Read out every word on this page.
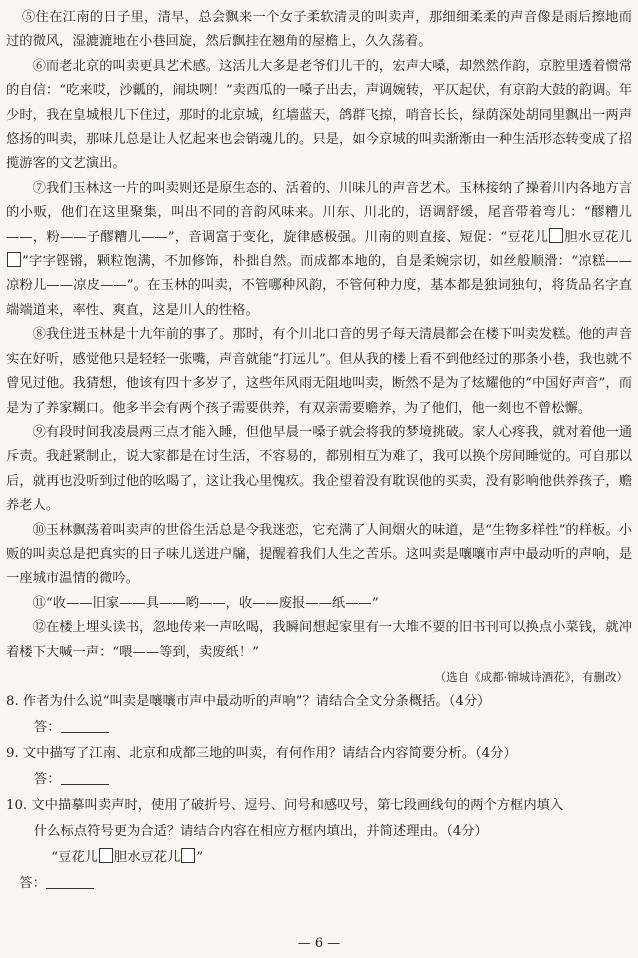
⑤住在江南的日子里，清早，总会飘来一个女子柔软清灵的叫卖声，那细细柔柔的声音像是雨后擦地而过的微风，湿漉漉地在小巷回旋，然后飘挂在翘角的屋檐上，久久荡着。

⑥而老北京的叫卖更具艺术感。这活儿大多是老爷们儿干的，宏声大嗓，却然然作韵，京腔里透着惯常的自信：“吃来哎，沙瓤的，闹块咧！”卖西瓜的一嗓子出去，声调婉转，平仄起伏，有京韵大鼓的韵调。年少时，我在皇城根儿下住过，那时的北京城，红墙蓝天，鸽群飞掠，哨音长长，绿荫深处胡同里飘出一两声悠扬的叫卖，那味儿总是让人忆起来也会销魂儿的。只是，如今京城的叫卖渐渐由一种生活形态转变成了招揽游客的文艺演出。

⑦我们玉林这一片的叫卖则还是原生态的、活着的、川味儿的声音艺术。玉林接纳了操着川内各地方言的小贩，他们在这里聚集，叫出不同的音韵风味来。川东、川北的，语调舒缓，尾音带着弯儿：“醪糟儿——，粉——子醪糟儿——”，音调富于变化，旋律感极强。川南的则直接、短促：“豆花儿 胆水豆花儿”字字铿锵，颗粒饱满，不加修饰，朴拙自然。而成都本地的，自是柔婉宗切，如丝般顺滑：“凉糕——凉粉儿——凉皮——”。在玉林的叫卖，不管哪种风韵，不管何种力度，基本都是独词独句，将货品名字直端端道来，率性、爽直，这是川人的性格。

⑧我住进玉林是十九年前的事了。那时，有个川北口音的男子每天清晨都会在楼下叫卖发糕。他的声音实在好听，感觉他只是轻轻一张嘴，声音就能“打远儿”。但从我的楼上看不到他经过的那条小巷，我也就不曾见过他。我猜想，他该有四十多岁了，这些年风雨无阻地叫卖，断然不是为了炫耀他的“中国好声音”，而是为了养家糊口。他多半会有两个孩子需要供养，有双亲需要赡养，为了他们，他一刻也不曾松懈。

⑨有段时间我凌晨两三点才能入睡，但他早晨一嗓子就会将我的梦境挑破。家人心疼我，就对着他一通斥责。我赶紧制止，说大家都是在讨生活，不容易的，都别相互为难了，我可以换个房间睡觉的。可自那以后，就再也没听到过他的吆喝了，这让我心里愧疚。我企望着没有耽误他的买卖，没有影响他供养孩子，赡养老人。

⑩玉林飘荡着叫卖声的世俗生活总是令我迷恋，它充满了人间烟火的味道，是“生物多样性”的样板。小贩的叫卖总是把真实的日子味儿送进户牖，提醒着我们人生之苦乐。这叫卖是嚷嚷市声中最动听的声响，是一座城市温情的微吟。

⑪“收——旧家——具——哟——，收——废报——纸——”

⑫在楼上埋头读书，忽地传来一声吆喝，我瞬间想起家里有一大堆不要的旧书刊可以换点小菜钱，就冲着楼下大喊一声：“喂——等到，卖废纸！”

（选自《成都·锦城诗酒花》，有删改）

8. 作者为什么说“叫卖是嚷嚷市声中最动听的声响”？请结合全文分条概括。（4分）

答：

9. 文中描写了江南、北京和成都三地的叫卖，有何作用？请结合内容简要分析。（4分）

答：

10. 文中描摹叫卖声时，使用了破折号、逗号、问号和感叹号，第七段画线句的两个方框内填入

什么标点符号更为合适？请结合内容在相应方框内填出，并简述理由。（4分）

“豆花儿 胆水豆花儿 ”

答：

— 6 —
